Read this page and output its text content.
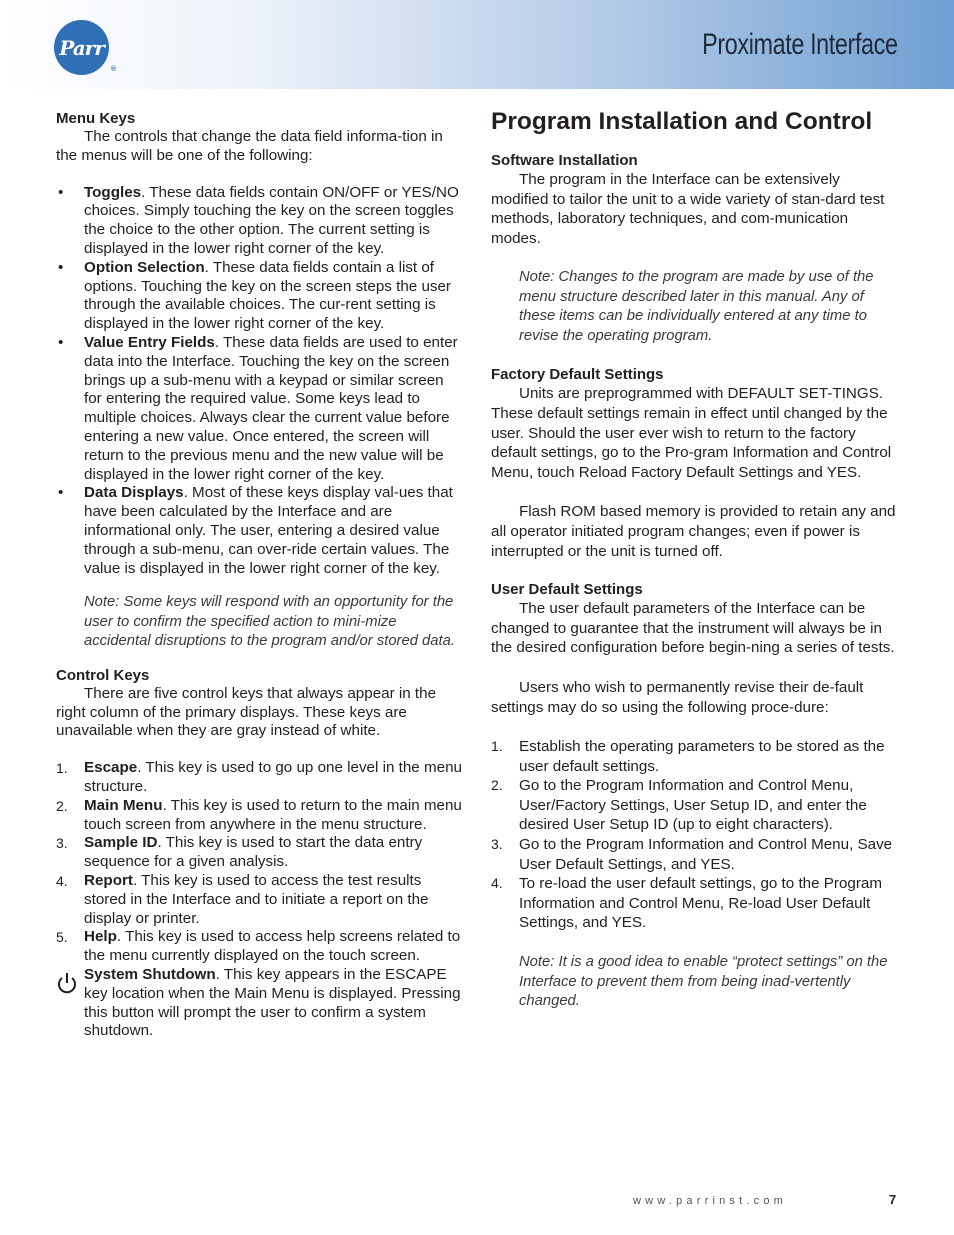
Parr
®
Proximate Interface
Menu Keys

The controls that change the data field informa-tion in the menus will be one of the following:

• Toggles. These data fields contain ON/OFF or YES/NO choices. Simply touching the key on the screen toggles the choice to the other option. The current setting is displayed in the lower right corner of the key.
• Option Selection. These data fields contain a list of options. Touching the key on the screen steps the user through the available choices. The cur-rent setting is displayed in the lower right corner of the key.
• Value Entry Fields. These data fields are used to enter data into the Interface. Touching the key on the screen brings up a sub-menu with a keypad or similar screen for entering the required value. Some keys lead to multiple choices. Always clear the current value before entering a new value. Once entered, the screen will return to the previous menu and the new value will be displayed in the lower right corner of the key.
• Data Displays. Most of these keys display val-ues that have been calculated by the Interface and are informational only. The user, entering a desired value through a sub-menu, can over-ride certain values. The value is displayed in the lower right corner of the key.

Note: Some keys will respond with an opportunity for the user to confirm the specified action to mini-mize accidental disruptions to the program and/or stored data.

Control Keys

There are five control keys that always appear in the right column of the primary displays. These keys are unavailable when they are gray instead of white.

1. Escape. This key is used to go up one level in the menu structure.
2. Main Menu. This key is used to return to the main menu touch screen from anywhere in the menu structure.
3. Sample ID. This key is used to start the data entry sequence for a given analysis.
4. Report. This key is used to access the test results stored in the Interface and to initiate a report on the display or printer.
5. Help. This key is used to access help screens related to the menu currently displayed on the touch screen.
System Shutdown. This key appears in the ESCAPE key location when the Main Menu is displayed. Pressing this button will prompt the user to confirm a system shutdown.
Program Installation and Control
Software Installation

The program in the Interface can be extensively modified to tailor the unit to a wide variety of stan-dard test methods, laboratory techniques, and com-munication modes.

Note: Changes to the program are made by use of the menu structure described later in this manual. Any of these items can be individually entered at any time to revise the operating program.

Factory Default Settings

Units are preprogrammed with DEFAULT SET-TINGS. These default settings remain in effect until changed by the user. Should the user ever wish to return to the factory default settings, go to the Pro-gram Information and Control Menu, touch Reload Factory Default Settings and YES.

Flash ROM based memory is provided to retain any and all operator initiated program changes; even if power is interrupted or the unit is turned off.

User Default Settings

The user default parameters of the Interface can be changed to guarantee that the instrument will always be in the desired configuration before begin-ning a series of tests.

Users who wish to permanently revise their de-fault settings may do so using the following proce-dure:

1. Establish the operating parameters to be stored as the user default settings.
2. Go to the Program Information and Control Menu, User/Factory Settings, User Setup ID, and enter the desired User Setup ID (up to eight characters).
3. Go to the Program Information and Control Menu, Save User Default Settings, and YES.
4. To re-load the user default settings, go to the Program Information and Control Menu, Re-load User Default Settings, and YES.

Note: It is a good idea to enable “protect settings” on the Interface to prevent them from being inad-vertently changed.

www.parrinst.com	7
